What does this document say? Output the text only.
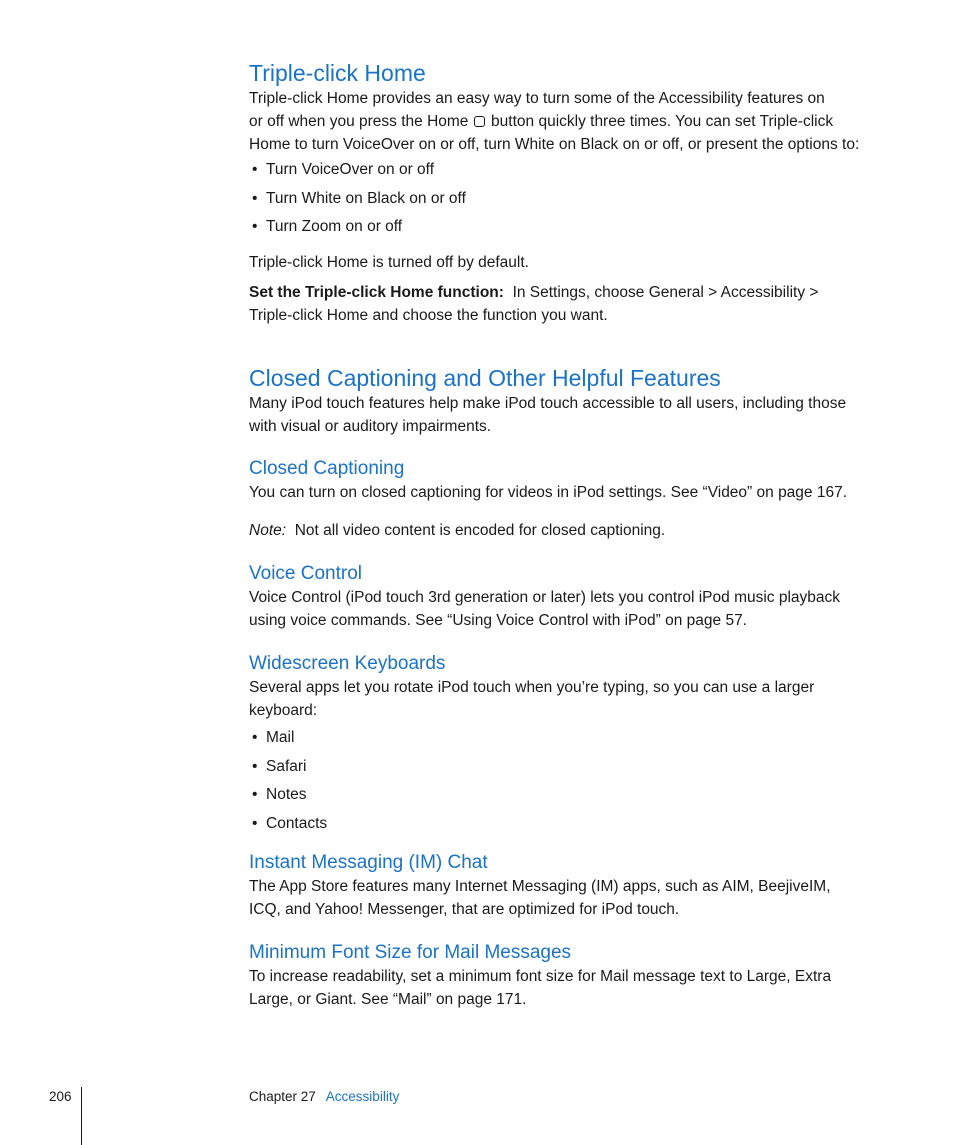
Triple-click Home

Triple-click Home provides an easy way to turn some of the Accessibility features on
or off when you press the Home button quickly three times. You can set Triple-click
Home to turn VoiceOver on or off, turn White on Black on or off, or present the options to:

• Turn VoiceOver on or off
• Turn White on Black on or off
• Turn Zoom on or off

Triple-click Home is turned off by default.

Set the Triple-click Home function: In Settings, choose General > Accessibility >
Triple-click Home and choose the function you want.

Closed Captioning and Other Helpful Features

Many iPod touch features help make iPod touch accessible to all users, including those
with visual or auditory impairments.

Closed Captioning

You can turn on closed captioning for videos in iPod settings. See “Video” on page 167.

Note: Not all video content is encoded for closed captioning.

Voice Control

Voice Control (iPod touch 3rd generation or later) lets you control iPod music playback
using voice commands. See “Using Voice Control with iPod” on page 57.

Widescreen Keyboards

Several apps let you rotate iPod touch when you’re typing, so you can use a larger
keyboard:

• Mail
• Safari
• Notes
• Contacts
Instant Messaging (IM) Chat

The App Store features many Internet Messaging (IM) apps, such as AIM, BeejiveIM,
ICQ, and Yahoo! Messenger, that are optimized for iPod touch.

Minimum Font Size for Mail Messages

To increase readability, set a minimum font size for Mail message text to Large, Extra
Large, or Giant. See “Mail” on page 171.

206	Chapter 27 Accessibility
